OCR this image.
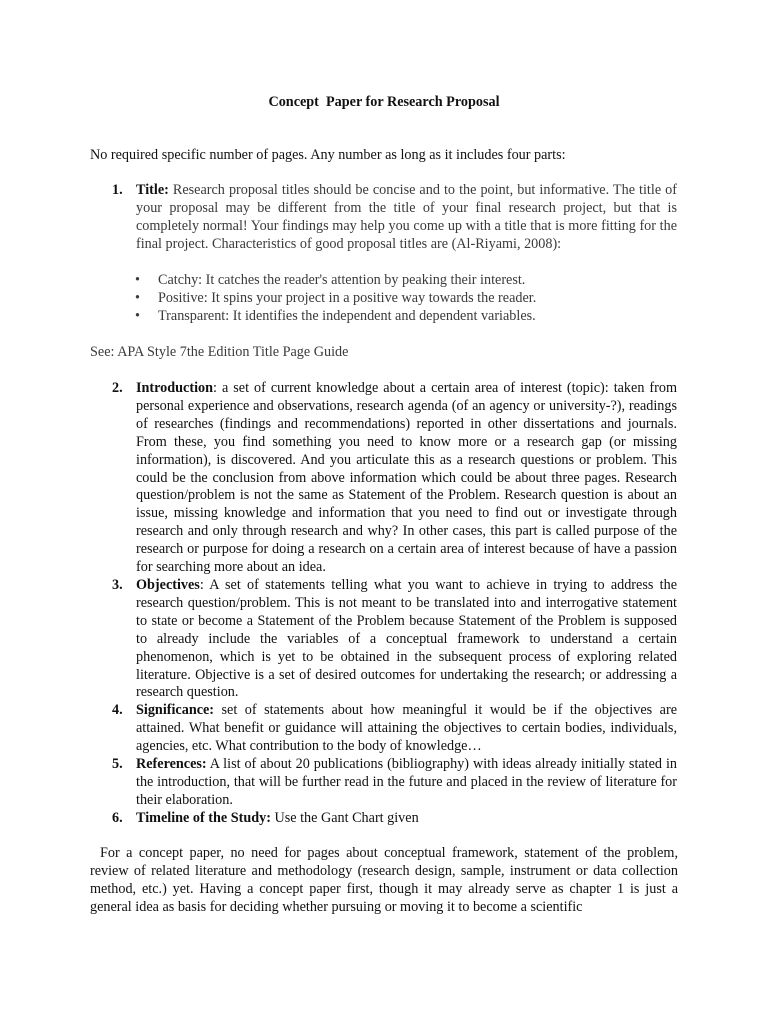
Concept  Paper for Research Proposal
No required specific number of pages. Any number as long as it includes four parts:
1. Title: Research proposal titles should be concise and to the point, but informative. The title of your proposal may be different from the title of your final research project, but that is completely normal! Your findings may help you come up with a title that is more fitting for the final project. Characteristics of good proposal titles are (Al-Riyami, 2008):
• Catchy: It catches the reader's attention by peaking their interest.
• Positive: It spins your project in a positive way towards the reader.
• Transparent: It identifies the independent and dependent variables.
See: APA Style 7the Edition Title Page Guide
2. Introduction: a set of current knowledge about a certain area of interest (topic): taken from personal experience and observations, research agenda (of an agency or university-?), readings of researches (findings and recommendations) reported in other dissertations and journals. From these, you find something you need to know more or a research gap (or missing information), is discovered. And you articulate this as a research questions or problem. This could be the conclusion from above information which could be about three pages. Research question/problem is not the same as Statement of the Problem. Research question is about an issue, missing knowledge and information that you need to find out or investigate through research and only through research and why? In other cases, this part is called purpose of the research or purpose for doing a research on a certain area of interest because of have a passion for searching more about an idea.
3. Objectives: A set of statements telling what you want to achieve in trying to address the research question/problem. This is not meant to be translated into and interrogative statement to state or become a Statement of the Problem because Statement of the Problem is supposed to already include the variables of a conceptual framework to understand a certain phenomenon, which is yet to be obtained in the subsequent process of exploring related literature. Objective is a set of desired outcomes for undertaking the research; or addressing a research question.
4. Significance: set of statements about how meaningful it would be if the objectives are attained. What benefit or guidance will attaining the objectives to certain bodies, individuals, agencies, etc. What contribution to the body of knowledge…
5. References: A list of about 20 publications (bibliography) with ideas already initially stated in the introduction, that will be further read in the future and placed in the review of literature for their elaboration.
6. Timeline of the Study: Use the Gant Chart given
For a concept paper, no need for pages about conceptual framework, statement of the problem, review of related literature and methodology (research design, sample, instrument or data collection method, etc.) yet. Having a concept paper first, though it may already serve as chapter 1 is just a general idea as basis for deciding whether pursuing or moving it to become a scientific
